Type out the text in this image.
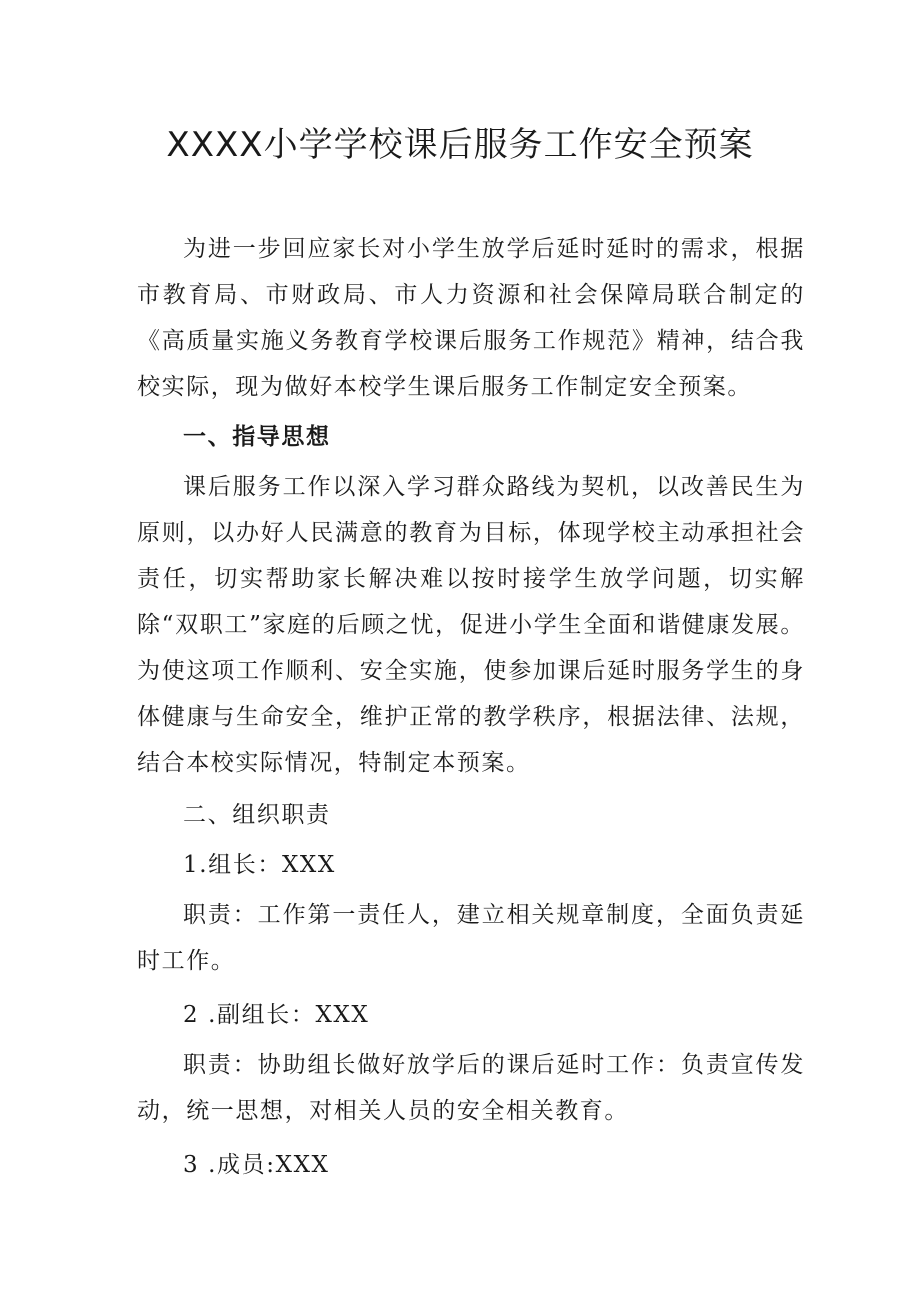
XXXX小学学校课后服务工作安全预案

为进一步回应家长对小学生放学后延时延时的需求，根据市教育局、市财政局、市人力资源和社会保障局联合制定的《高质量实施义务教育学校课后服务工作规范》精神，结合我校实际，现为做好本校学生课后服务工作制定安全预案。

一、指导思想

课后服务工作以深入学习群众路线为契机，以改善民生为原则，以办好人民满意的教育为目标，体现学校主动承担社会责任，切实帮助家长解决难以按时接学生放学问题，切实解除“双职工”家庭的后顾之忧，促进小学生全面和谐健康发展。为使这项工作顺利、安全实施，使参加课后延时服务学生的身体健康与生命安全，维护正常的教学秩序，根据法律、法规，结合本校实际情况，特制定本预案。

二、组织职责

1.组长：XXX

职责：工作第一责任人，建立相关规章制度，全面负责延时工作。

2 .副组长：XXX

职责：协助组长做好放学后的课后延时工作：负责宣传发动，统一思想，对相关人员的安全相关教育。

3 .成员:XXX
